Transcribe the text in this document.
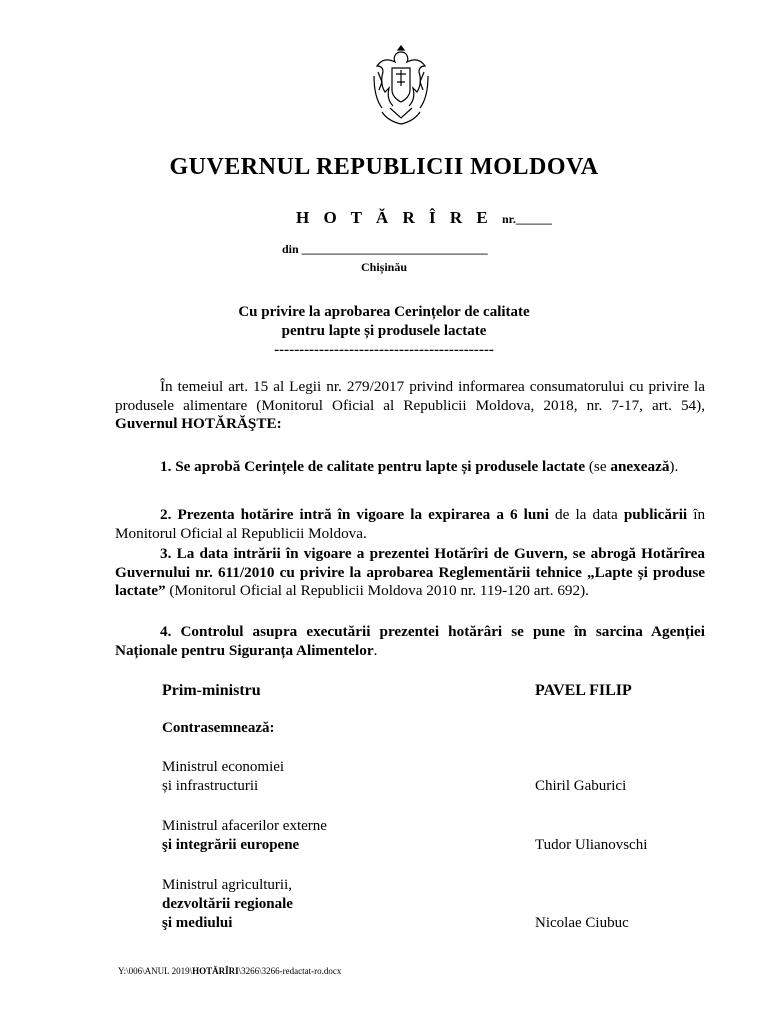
GUVERNUL REPUBLICII MOLDOVA
H O T Ă R Î R E nr.______
din _______________________________
Chișinău
Cu privire la aprobarea Cerințelor de calitate
pentru lapte și produsele lactate
--------------------------------------------
În temeiul art. 15 al Legii nr. 279/2017 privind informarea consumatorului cu privire la produsele alimentare (Monitorul Oficial al Republicii Moldova, 2018, nr. 7-17, art. 54), Guvernul HOTĂRĂŞTE:
1. Se aprobă Cerințele de calitate pentru lapte și produsele lactate (se anexează).
2. Prezenta hotărire intră în vigoare la expirarea a 6 luni de la data publicării în Monitorul Oficial al Republicii Moldova.
3. La data intrării în vigoare a prezentei Hotărîri de Guvern, se abrogă Hotărîrea Guvernului nr. 611/2010 cu privire la aprobarea Reglementării tehnice „Lapte și produse lactate” (Monitorul Oficial al Republicii Moldova 2010 nr. 119-120 art. 692).
4. Controlul asupra executării prezentei hotărâri se pune în sarcina Agenției Naționale pentru Siguranța Alimentelor.
Prim-ministru	PAVEL FILIP
Contrasemnează:
Ministrul economiei
și infrastructurii	Chiril Gaburici
Ministrul afacerilor externe
şi integrării europene	Tudor Ulianovschi
Ministrul agriculturii,
dezvoltării regionale
şi mediului	Nicolae Ciubuc
Y:\006\ANUL 2019\HOTĂRÎRI\3266\3266-redactat-ro.docx
